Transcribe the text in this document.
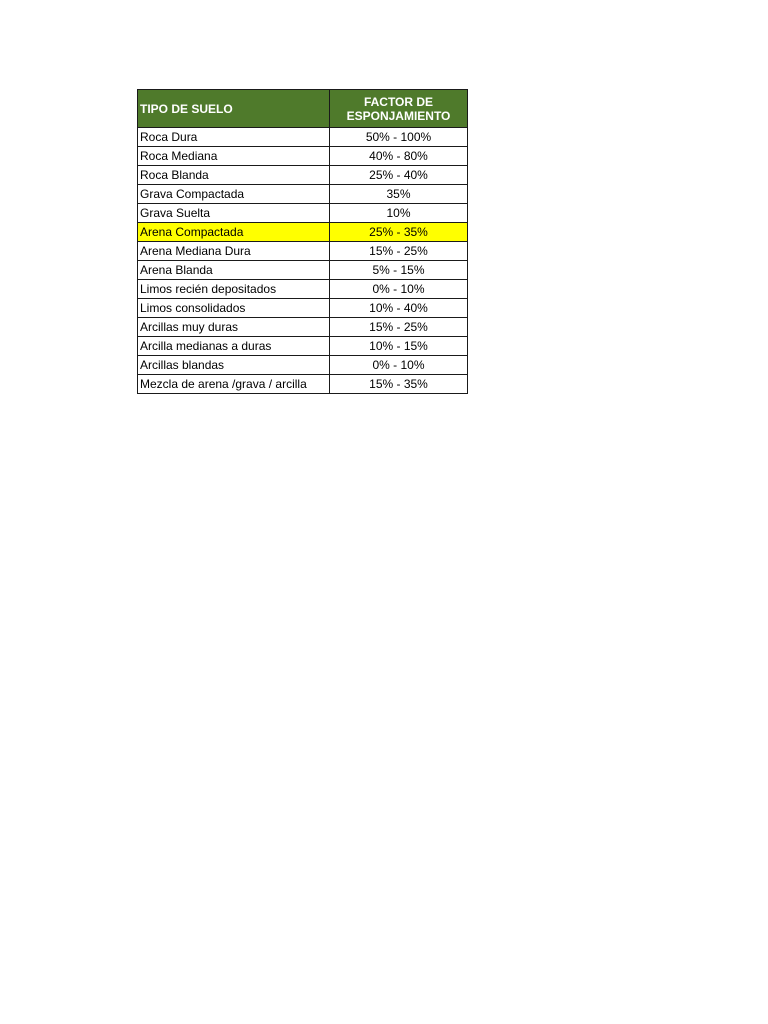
TIPO DE SUELO	FACTOR DE
ESPONJAMIENTO
Roca Dura	50% - 100%
Roca Mediana	40% - 80%
Roca Blanda	25% - 40%
Grava Compactada	35%
Grava Suelta	10%
Arena Compactada	25% - 35%
Arena Mediana Dura	15% - 25%
Arena Blanda	5% - 15%
Limos recién depositados	0% - 10%
Limos consolidados	10% - 40%
Arcillas muy duras	15% - 25%
Arcilla medianas a duras	10% - 15%
Arcillas blandas	0% - 10%
Mezcla de arena /grava / arcilla	15% - 35%
